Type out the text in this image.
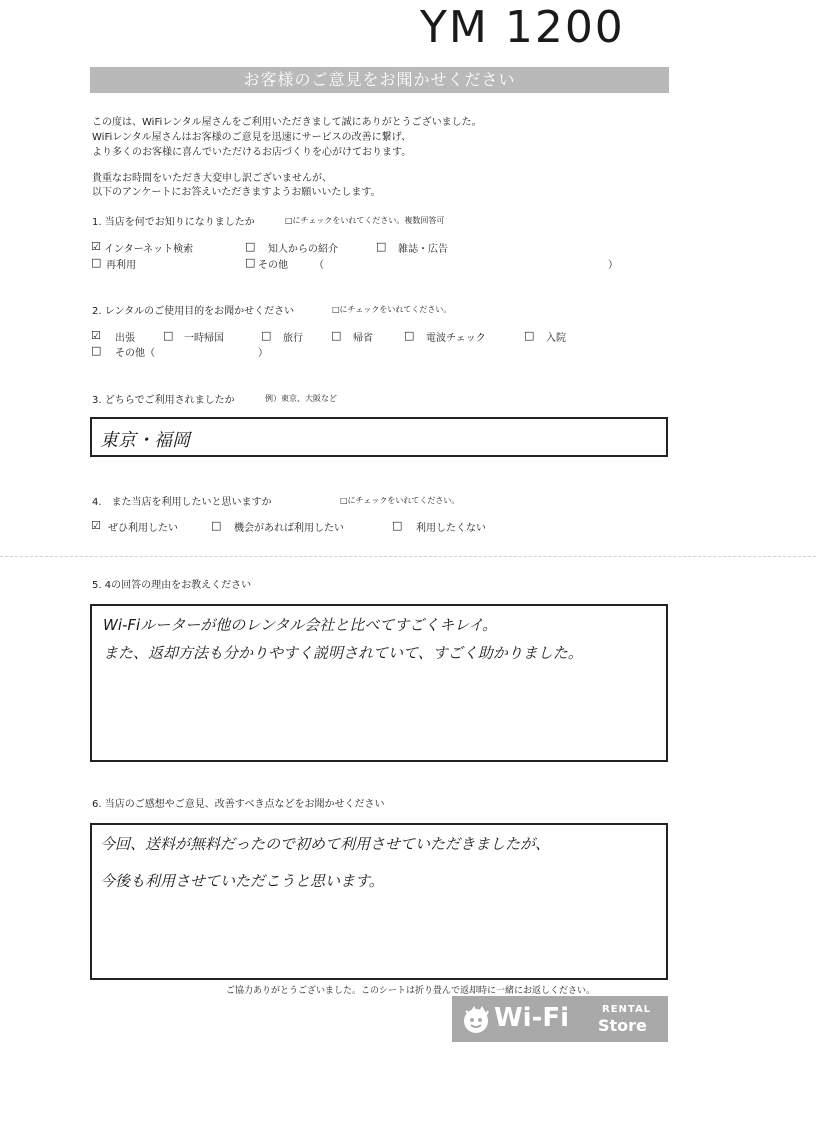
YM 1200
お客様のご意見をお聞かせください
この度は、WiFiレンタル屋さんをご利用いただきまして誠にありがとうございました。
WiFiレンタル屋さんはお客様のご意見を迅速にサービスの改善に繋げ、
より多くのお客様に喜んでいただけるお店づくりを心がけております。
貴重なお時間をいただき大変申し訳ございませんが、
以下のアンケートにお答えいただきますようお願いいたします。
1. 当店を何でお知りになりましたか	□にチェックをいれてください。複数回答可
☑ インターネット検索	□ 知人からの紹介	□ 雑誌・広告
□ 再利用	□ その他	（	）
2. レンタルのご使用目的をお聞かせください	□にチェックをいれてください。
☑ 出張	□ 一時帰国	□ 旅行	□ 帰省	□ 電波チェック	□ 入院
□ その他（	）
3. どちらでご利用されましたか	例）東京、大阪など
東京・福岡
4.　また当店を利用したいと思いますか	□にチェックをいれてください。
☑ ぜひ利用したい	□ 機会があれば利用したい	□ 利用したくない
5. 4の回答の理由をお教えください
Wi-Fiルーターが他のレンタル会社と比べてすごくキレイ。
また、返却方法も分かりやすく説明されていて、すごく助かりました。
6. 当店のご感想やご意見、改善すべき点などをお聞かせください
今回、送料が無料だったので初めて利用させていただきましたが、
今後も利用させていただこうと思います。
ご協力ありがとうございました。このシートは折り畳んで返却時に一緒にお返しください。
Wi-Fi	RENTAL
Store
